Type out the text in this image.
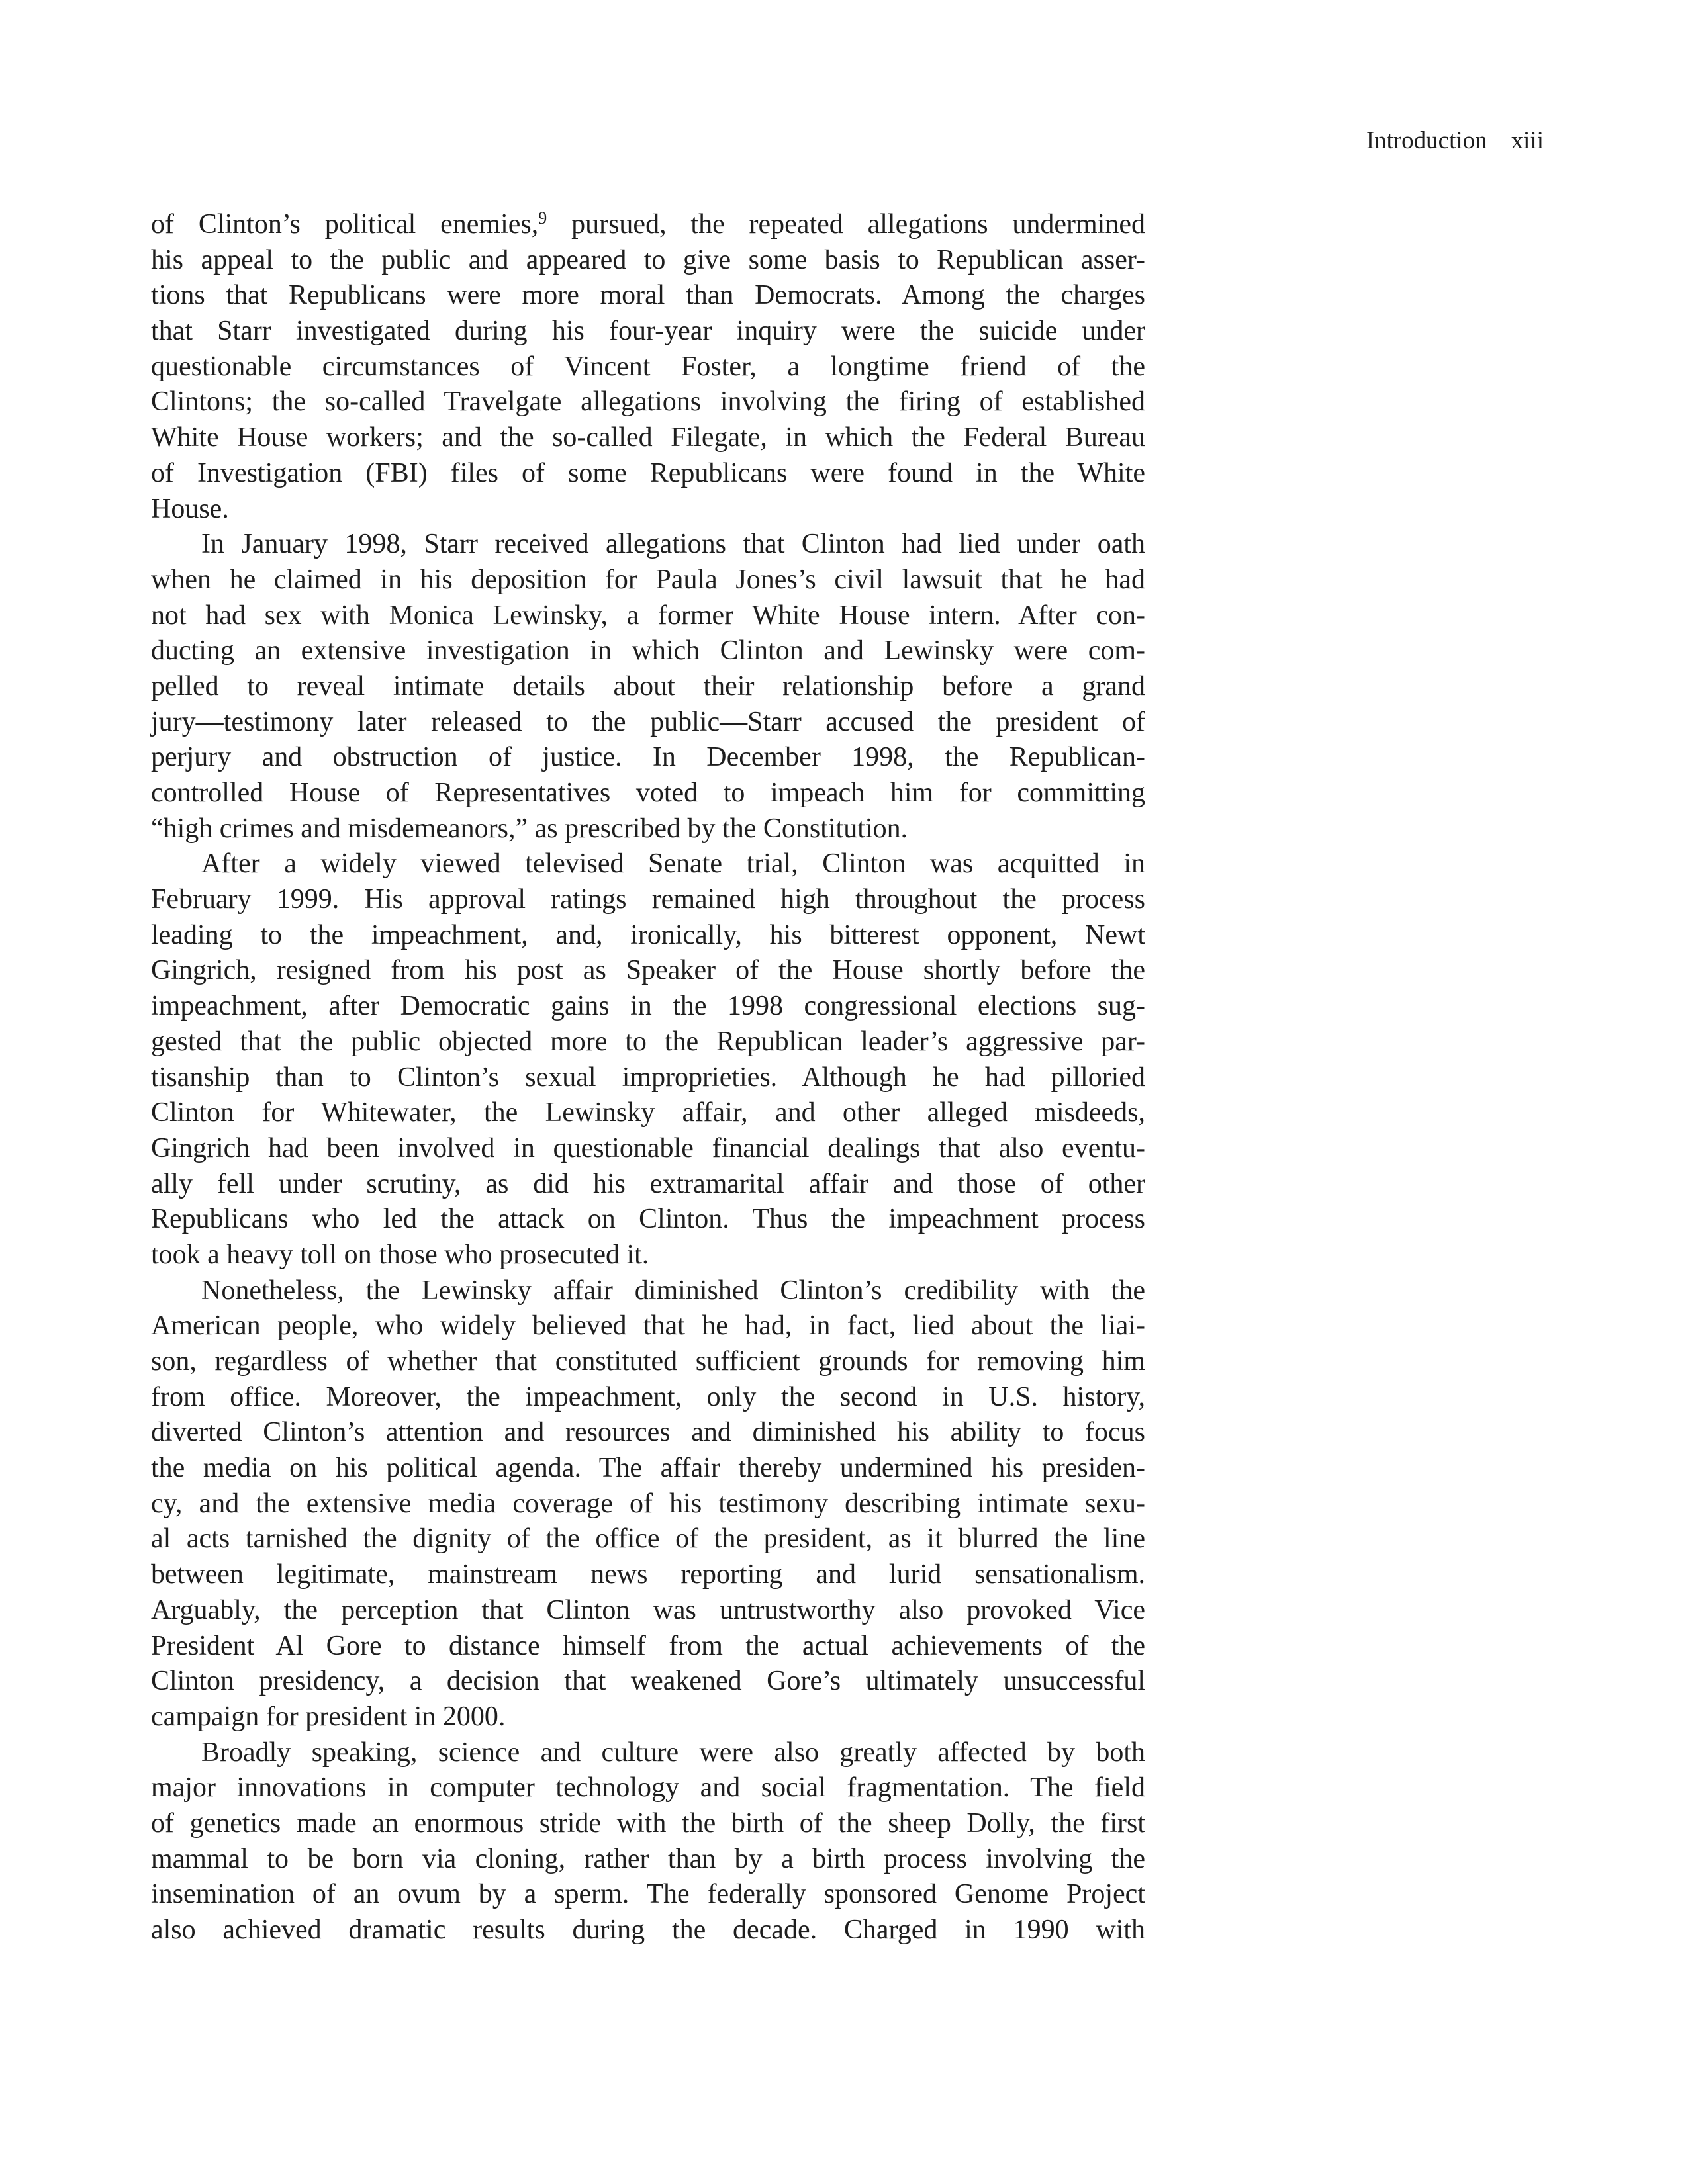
Introduction xiii
of Clinton’s political enemies,$^9$ pursued, the repeated allegations undermined
his appeal to the public and appeared to give some basis to Republican asser-
tions that Republicans were more moral than Democrats. Among the charges
that Starr investigated during his four-year inquiry were the suicide under
questionable circumstances of Vincent Foster, a longtime friend of the
Clintons; the so-called Travelgate allegations involving the firing of established
White House workers; and the so-called Filegate, in which the Federal Bureau
of Investigation (FBI) files of some Republicans were found in the White
House.
In January 1998, Starr received allegations that Clinton had lied under oath
when he claimed in his deposition for Paula Jones’s civil lawsuit that he had
not had sex with Monica Lewinsky, a former White House intern. After con-
ducting an extensive investigation in which Clinton and Lewinsky were com-
pelled to reveal intimate details about their relationship before a grand
jury—testimony later released to the public—Starr accused the president of
perjury and obstruction of justice. In December 1998, the Republican-
controlled House of Representatives voted to impeach him for committing
“high crimes and misdemeanors,” as prescribed by the Constitution.
After a widely viewed televised Senate trial, Clinton was acquitted in
February 1999. His approval ratings remained high throughout the process
leading to the impeachment, and, ironically, his bitterest opponent, Newt
Gingrich, resigned from his post as Speaker of the House shortly before the
impeachment, after Democratic gains in the 1998 congressional elections sug-
gested that the public objected more to the Republican leader’s aggressive par-
tisanship than to Clinton’s sexual improprieties. Although he had pilloried
Clinton for Whitewater, the Lewinsky affair, and other alleged misdeeds,
Gingrich had been involved in questionable financial dealings that also eventu-
ally fell under scrutiny, as did his extramarital affair and those of other
Republicans who led the attack on Clinton. Thus the impeachment process
took a heavy toll on those who prosecuted it.
Nonetheless, the Lewinsky affair diminished Clinton’s credibility with the
American people, who widely believed that he had, in fact, lied about the liai-
son, regardless of whether that constituted sufficient grounds for removing him
from office. Moreover, the impeachment, only the second in U.S. history,
diverted Clinton’s attention and resources and diminished his ability to focus
the media on his political agenda. The affair thereby undermined his presiden-
cy, and the extensive media coverage of his testimony describing intimate sexu-
al acts tarnished the dignity of the office of the president, as it blurred the line
between legitimate, mainstream news reporting and lurid sensationalism.
Arguably, the perception that Clinton was untrustworthy also provoked Vice
President Al Gore to distance himself from the actual achievements of the
Clinton presidency, a decision that weakened Gore’s ultimately unsuccessful
campaign for president in 2000.
Broadly speaking, science and culture were also greatly affected by both
major innovations in computer technology and social fragmentation. The field
of genetics made an enormous stride with the birth of the sheep Dolly, the first
mammal to be born via cloning, rather than by a birth process involving the
insemination of an ovum by a sperm. The federally sponsored Genome Project
also achieved dramatic results during the decade. Charged in 1990 with
